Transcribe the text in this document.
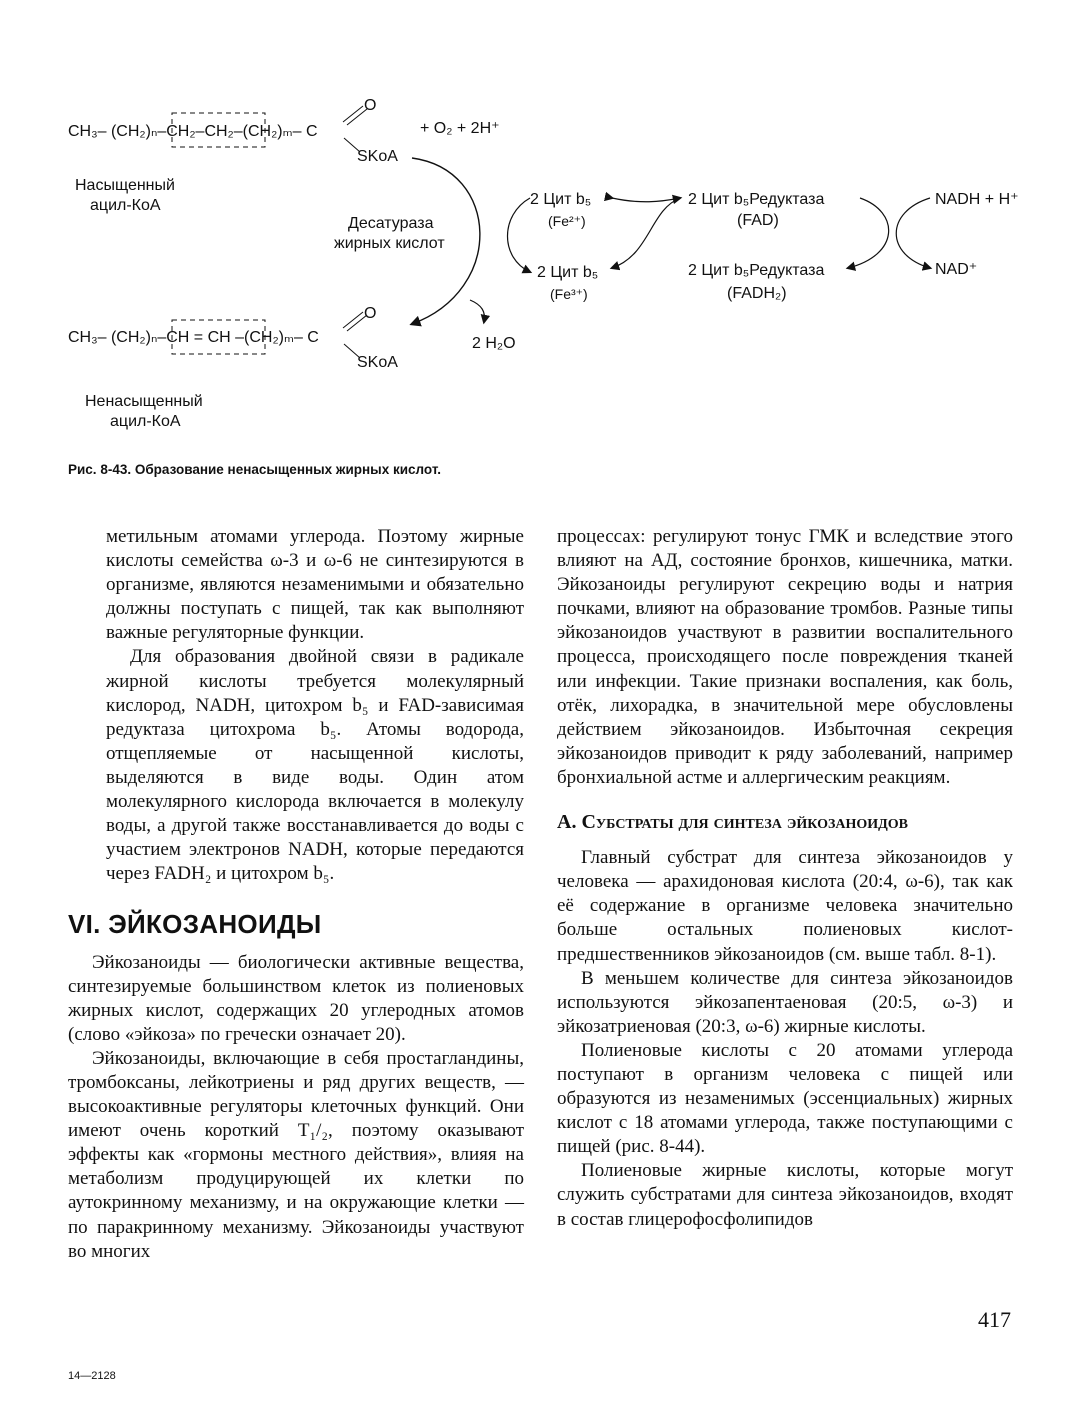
CH₃– (CH₂)ₙ–CH₂–CH₂–(CH₂)ₘ– C
O
SKoA
+ O₂ + 2H⁺
Насыщенный
ацил-КоА
Десатураза
жирных кислот
2 H₂O
2 Цит b₅
(Fe²⁺)
2 Цит b₅
(Fe³⁺)
2 Цит b₅Редуктаза
(FAD)
2 Цит b₅Редуктаза
(FADH₂)
NADH + H⁺
NAD⁺
CH₃– (CH₂)ₙ–CH = CH –(CH₂)ₘ– C
O
SKoA
Ненасыщенный
ацил-КоА
Рис. 8-43. Образование ненасыщенных жирных кислот.

метильным атомами углерода. Поэтому жирные кислоты семейства ω-3 и ω-6 не синтезируются в организме, являются незаменимыми и обязательно должны поступать с пищей, так как выполняют важные регуляторные функции.

Для образования двойной связи в радикале жирной кислоты требуется молекулярный кислород, NADH, цитохром b₅ и FAD-зависимая редуктаза цитохрома b₅. Атомы водорода, отщепляемые от насыщенной кислоты, выделяются в виде воды. Один атом молекулярного кислорода включается в молекулу воды, а другой также восстанавливается до воды с участием электронов NADH, которые передаются через FADH₂ и цитохром b₅.

VI. ЭЙКОЗАНОИДЫ

Эйкозаноиды — биологически активные вещества, синтезируемые большинством клеток из полиеновых жирных кислот, содержащих 20 углеродных атомов (слово «эйкоза» по гречески означает 20).

Эйкозаноиды, включающие в себя простагландины, тромбоксаны, лейкотриены и ряд других веществ, — высокоактивные регуляторы клеточных функций. Они имеют очень короткий T₁/₂, поэтому оказывают эффекты как «гормоны местного действия», влияя на метаболизм продуцирующей их клетки по аутокринному механизму, и на окружающие клетки — по паракринному механизму. Эйкозаноиды участвуют во многих

процессах: регулируют тонус ГМК и вследствие этого влияют на АД, состояние бронхов, кишечника, матки. Эйкозаноиды регулируют секрецию воды и натрия почками, влияют на образование тромбов. Разные типы эйкозаноидов участвуют в развитии воспалительного процесса, происходящего после повреждения тканей или инфекции. Такие признаки воспаления, как боль, отёк, лихорадка, в значительной мере обусловлены действием эйкозаноидов. Избыточная секреция эйкозаноидов приводит к ряду заболеваний, например бронхиальной астме и аллергическим реакциям.

А. Субстраты для синтеза эйкозаноидов

Главный субстрат для синтеза эйкозаноидов у человека — арахидоновая кислота (20:4, ω-6), так как её содержание в организме человека значительно больше остальных полиеновых кислот-предшественников эйкозаноидов (см. выше табл. 8-1).

В меньшем количестве для синтеза эйкозаноидов используются эйкозапентаеновая (20:5, ω-3) и эйкозатриеновая (20:3, ω-6) жирные кислоты.

Полиеновые кислоты с 20 атомами углерода поступают в организм человека с пищей или образуются из незаменимых (эссенциальных) жирных кислот с 18 атомами углерода, также поступающими с пищей (рис. 8-44).

Полиеновые жирные кислоты, которые могут служить субстратами для синтеза эйкозаноидов, входят в состав глицерофосфолипидов

417
14—2128
